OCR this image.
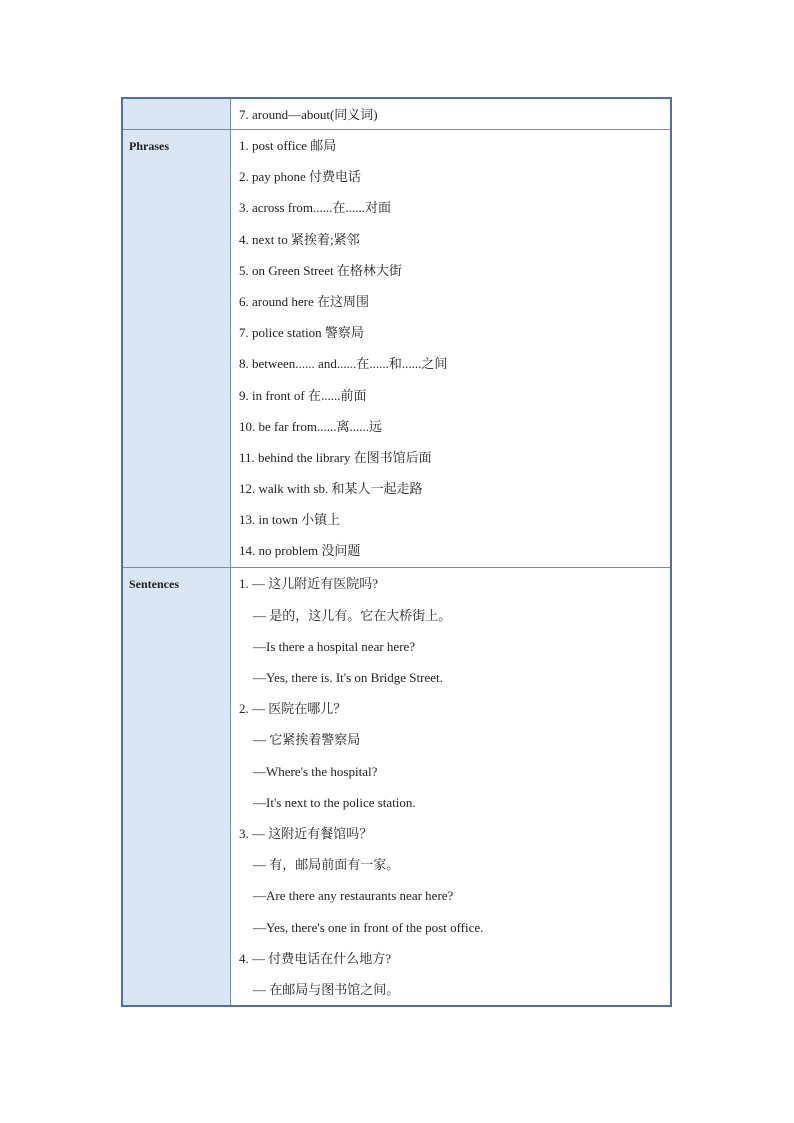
7. around—about(同义词)
Phrases	1. post office 邮局
2. pay phone 付费电话
3. across from......在......对面
4. next to 紧挨着;紧邻
5. on Green Street 在格林大街
6. around here 在这周围
7. police station 警察局
8. between...... and......在......和......之间
9. in front of 在......前面
10. be far from......离......远
11. behind the library 在图书馆后面
12. walk with sb. 和某人一起走路
13. in town 小镇上
14. no problem 没问题
Sentences	1. — 这儿附近有医院吗?
— 是的，这儿有。它在大桥街上。
—Is there a hospital near here?
—Yes, there is. It's on Bridge Street.
2. — 医院在哪儿？
— 它紧挨着警察局
—Where's the hospital?
—It's next to the police station.
3. — 这附近有餐馆吗？
— 有，邮局前面有一家。
—Are there any restaurants near here?
—Yes, there's one in front of the post office.
4. — 付费电话在什么地方?
— 在邮局与图书馆之间。
